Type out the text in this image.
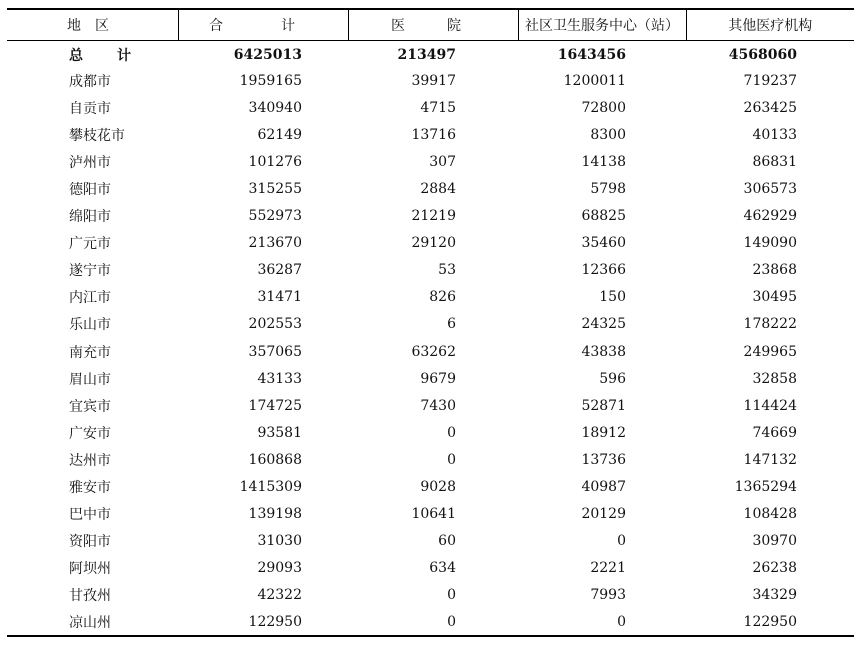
地　区	合　计	医　院	社区卫生服务中心（站）	其他医疗机构
总　计	6425013	213497	1643456	4568060
成都市	1959165	39917	1200011	719237
自贡市	340940	4715	72800	263425
攀枝花市	62149	13716	8300	40133
泸州市	101276	307	14138	86831
德阳市	315255	2884	5798	306573
绵阳市	552973	21219	68825	462929
广元市	213670	29120	35460	149090
遂宁市	36287	53	12366	23868
内江市	31471	826	150	30495
乐山市	202553	6	24325	178222
南充市	357065	63262	43838	249965
眉山市	43133	9679	596	32858
宜宾市	174725	7430	52871	114424
广安市	93581	0	18912	74669
达州市	160868	0	13736	147132
雅安市	1415309	9028	40987	1365294
巴中市	139198	10641	20129	108428
资阳市	31030	60	0	30970
阿坝州	29093	634	2221	26238
甘孜州	42322	0	7993	34329
凉山州	122950	0	0	122950
